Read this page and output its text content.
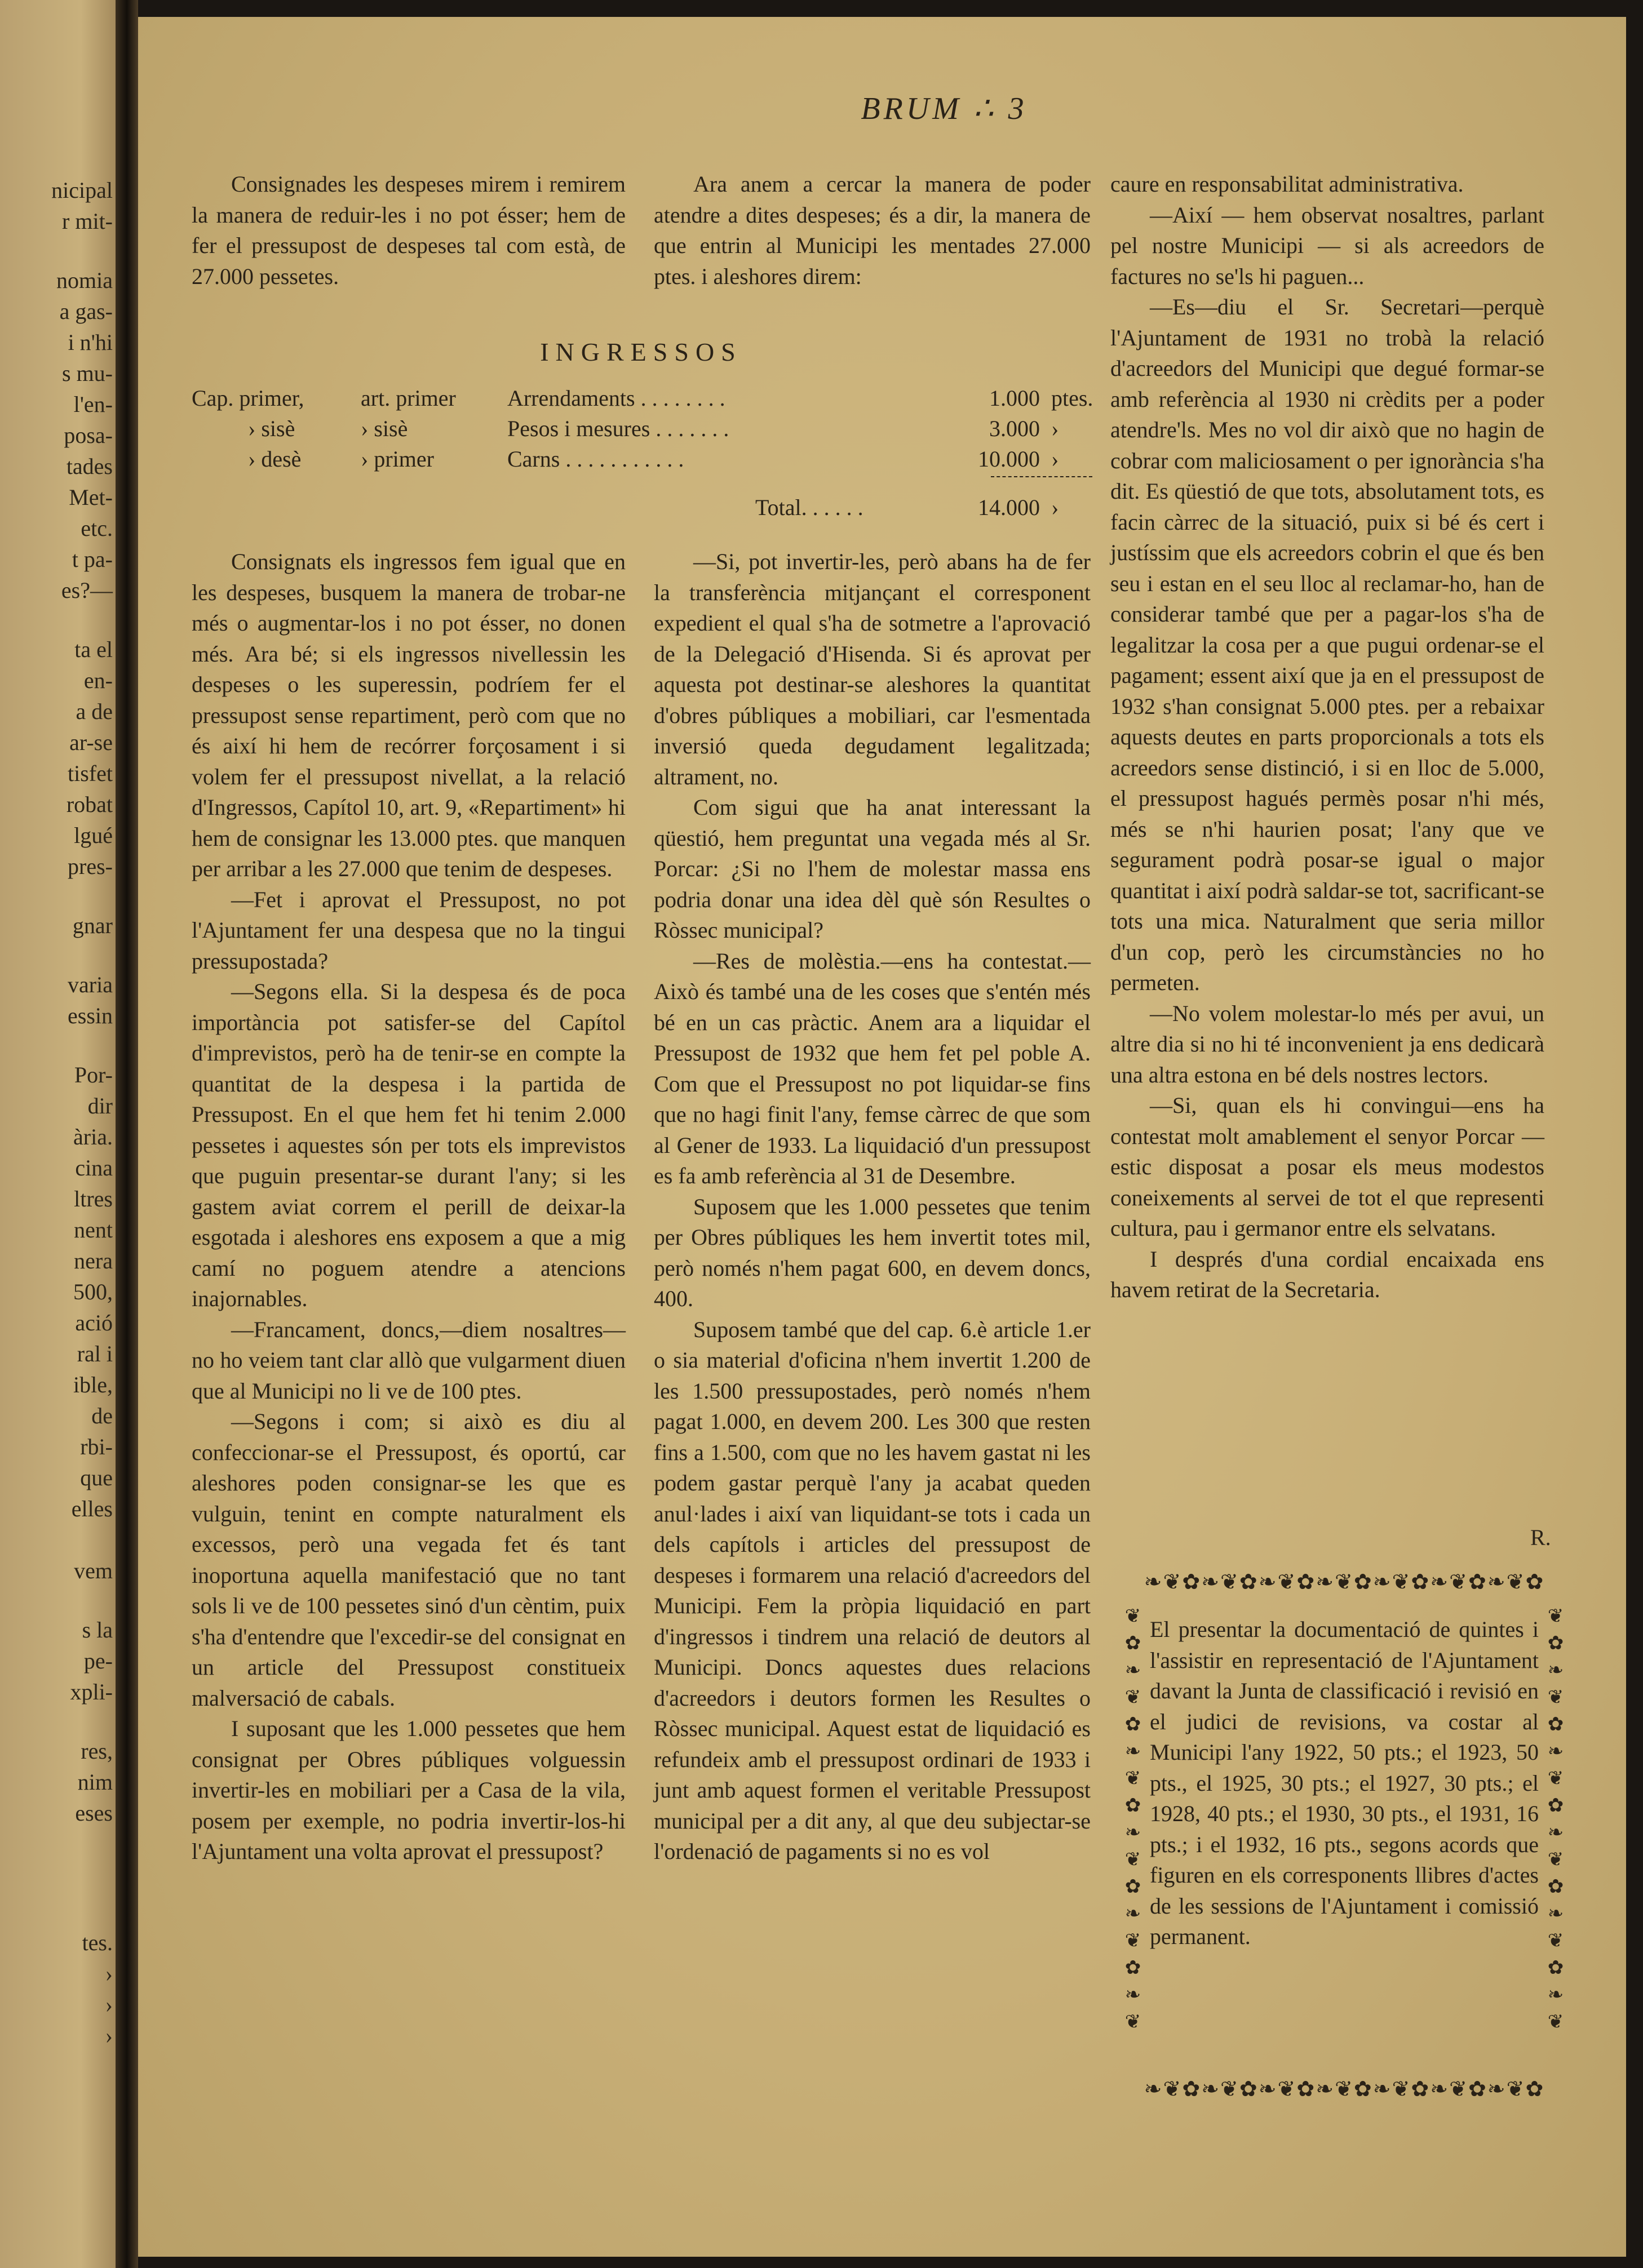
nicipal
r mit-
nomia
a gas-
i n'hi
s mu-
l'en-
posa-
tades
Met-
etc.
t pa-
es?—
ta el
en-
a de
ar-se
tisfet
robat
lgué
pres-
gnar
varia
essin
Por-
dir
ària.
cina
ltres
nent
nera
500,
ació
ral i
ible,
de
rbi-
que
elles
vem
s la
pe-
xpli-
res,
nim
eses
tes.
›
›
›
BRUM ∴ 3

Consignades les despeses mirem i remirem la manera de reduir-les i no pot ésser; hem de fer el pressupost de despeses tal com està, de 27.000 pessetes.

Ara anem a cercar la manera de poder atendre a dites despeses; és a dir, la manera de que entrin al Municipi les mentades 27.000 ptes. i aleshores direm:

INGRESSOS
Cap. primer,	art. primer Arrendaments . . . . . . . .	1.000 ptes.
› sisè	› sisè	Pesos i mesures . . . . . . .	3.000 ›
› desè	› primer	Carns . . . . . . . . . . .	10.000 ›
Total. . . . . .	14.000 ›

Consignats els ingressos fem igual que en les despeses, busquem la manera de trobar-ne més o augmentar-los i no pot ésser, no donen més. Ara bé; si els ingressos nivellessin les despeses o les superessin, podríem fer el pressupost sense repartiment, però com que no és així hi hem de recórrer forçosament i si volem fer el pressupost nivellat, a la relació d'Ingressos, Capítol 10, art. 9, «Repartiment» hi hem de consignar les 13.000 ptes. que manquen per arribar a les 27.000 que tenim de despeses.

—Fet i aprovat el Pressupost, no pot l'Ajuntament fer una despesa que no la tingui pressupostada?

—Segons ella. Si la despesa és de poca importància pot satisfer-se del Capítol d'imprevistos, però ha de tenir-se en compte la quantitat de la despesa i la partida de Pressupost. En el que hem fet hi tenim 2.000 pessetes i aquestes són per tots els imprevistos que puguin presentar-se durant l'any; si les gastem aviat correm el perill de deixar-la esgotada i aleshores ens exposem a que a mig camí no poguem atendre a atencions inajornables.

—Francament, doncs,—diem nosaltres—no ho veiem tant clar allò que vulgarment diuen que al Municipi no li ve de 100 ptes.

—Segons i com; si això es diu al confeccionar-se el Pressupost, és oportú, car aleshores poden consignar-se les que es vulguin, tenint en compte naturalment els excessos, però una vegada fet és tant inoportuna aquella manifestació que no tant sols li ve de 100 pessetes sinó d'un cèntim, puix s'ha d'entendre que l'excedir-se del consignat en un article del Pressupost constitueix malversació de cabals.

I suposant que les 1.000 pessetes que hem consignat per Obres públiques volguessin invertir-les en mobiliari per a Casa de la vila, posem per exemple, no podria invertir-los-hi l'Ajuntament una volta aprovat el pressupost?

—Si, pot invertir-les, però abans ha de fer la transferència mitjançant el corresponent expedient el qual s'ha de sotmetre a l'aprovació de la Delegació d'Hisenda. Si és aprovat per aquesta pot destinar-se aleshores la quantitat d'obres públiques a mobiliari, car l'esmentada inversió queda degudament legalitzada; altrament, no.

Com sigui que ha anat interessant la qüestió, hem preguntat una vegada més al Sr. Porcar: ¿Si no l'hem de molestar massa ens podria donar una idea dèl què són Resultes o Ròssec municipal?

—Res de molèstia.—ens ha contestat.—Això és també una de les coses que s'entén més bé en un cas pràctic. Anem ara a liquidar el Pressupost de 1932 que hem fet pel poble A. Com que el Pressupost no pot liquidar-se fins que no hagi finit l'any, femse càrrec de que som al Gener de 1933. La liquidació d'un pressupost es fa amb referència al 31 de Desembre.

Suposem que les 1.000 pessetes que tenim per Obres públiques les hem invertit totes mil, però només n'hem pagat 600, en devem doncs, 400.

Suposem també que del cap. 6.è article 1.er o sia material d'oficina n'hem invertit 1.200 de les 1.500 pressupostades, però només n'hem pagat 1.000, en devem 200. Les 300 que resten fins a 1.500, com que no les havem gastat ni les podem gastar perquè l'any ja acabat queden anul·lades i així van liquidant-se tots i cada un dels capítols i articles del pressupost de despeses i formarem una relació d'acreedors del Municipi. Fem la pròpia liquidació en part d'ingressos i tindrem una relació de deutors al Municipi. Doncs aquestes dues relacions d'acreedors i deutors formen les Resultes o Ròssec municipal. Aquest estat de liquidació es refundeix amb el pressupost ordinari de 1933 i junt amb aquest formen el veritable Pressupost municipal per a dit any, al que deu subjectar-se l'ordenació de pagaments si no es vol

caure en responsabilitat administrativa.

—Així — hem observat nosaltres, parlant pel nostre Municipi — si als acreedors de factures no se'ls hi paguen...

—Es—diu el Sr. Secretari—perquè l'Ajuntament de 1931 no trobà la relació d'acreedors del Municipi que degué formar-se amb referència al 1930 ni crèdits per a poder atendre'ls. Mes no vol dir això que no hagin de cobrar com maliciosament o per ignorància s'ha dit. Es qüestió de que tots, absolutament tots, es facin càrrec de la situació, puix si bé és cert i justíssim que els acreedors cobrin el que és ben seu i estan en el seu lloc al reclamar-ho, han de considerar també que per a pagar-los s'ha de legalitzar la cosa per a que pugui ordenar-se el pagament; essent així que ja en el pressupost de 1932 s'han consignat 5.000 ptes. per a rebaixar aquests deutes en parts proporcionals a tots els acreedors sense distinció, i si en lloc de 5.000, el pressupost hagués permès posar n'hi més, més se n'hi haurien posat; l'any que ve segurament podrà posar-se igual o major quantitat i així podrà saldar-se tot, sacrificant-se tots una mica. Naturalment que seria millor d'un cop, però les circumstàncies no ho permeten.

—No volem molestar-lo més per avui, un altre dia si no hi té inconvenient ja ens dedicarà una altra estona en bé dels nostres lectors.

—Si, quan els hi convingui—ens ha contestat molt amablement el senyor Porcar — estic disposat a posar els meus modestos coneixements al servei de tot el que representi cultura, pau i germanor entre els selvatans.

I després d'una cordial encaixada ens havem retirat de la Secretaria.

R.
❧❦✿❧❦✿❧❦✿❧❦✿❧❦✿❧❦✿❧❦✿
❦
✿
❧
❦
✿
❧
❦
✿
❧
❦
✿
❧
❦
✿
❧
❦
❦
✿
❧
❦
✿
❧
❦
✿
❧
❦
✿
❧
❦
✿
❧
❦
El presentar la documentació de quintes i l'assistir en representació de l'Ajuntament davant la Junta de classificació i revisió en el judici de revisions, va costar al Municipi l'any 1922, 50 pts.; el 1923, 50 pts., el 1925, 30 pts.; el 1927, 30 pts.; el 1928, 40 pts.; el 1930, 30 pts., el 1931, 16 pts.; i el 1932, 16 pts., segons acords que figuren en els corresponents llibres d'actes de les sessions de l'Ajuntament i comissió permanent.
❧❦✿❧❦✿❧❦✿❧❦✿❧❦✿❧❦✿❧❦✿
